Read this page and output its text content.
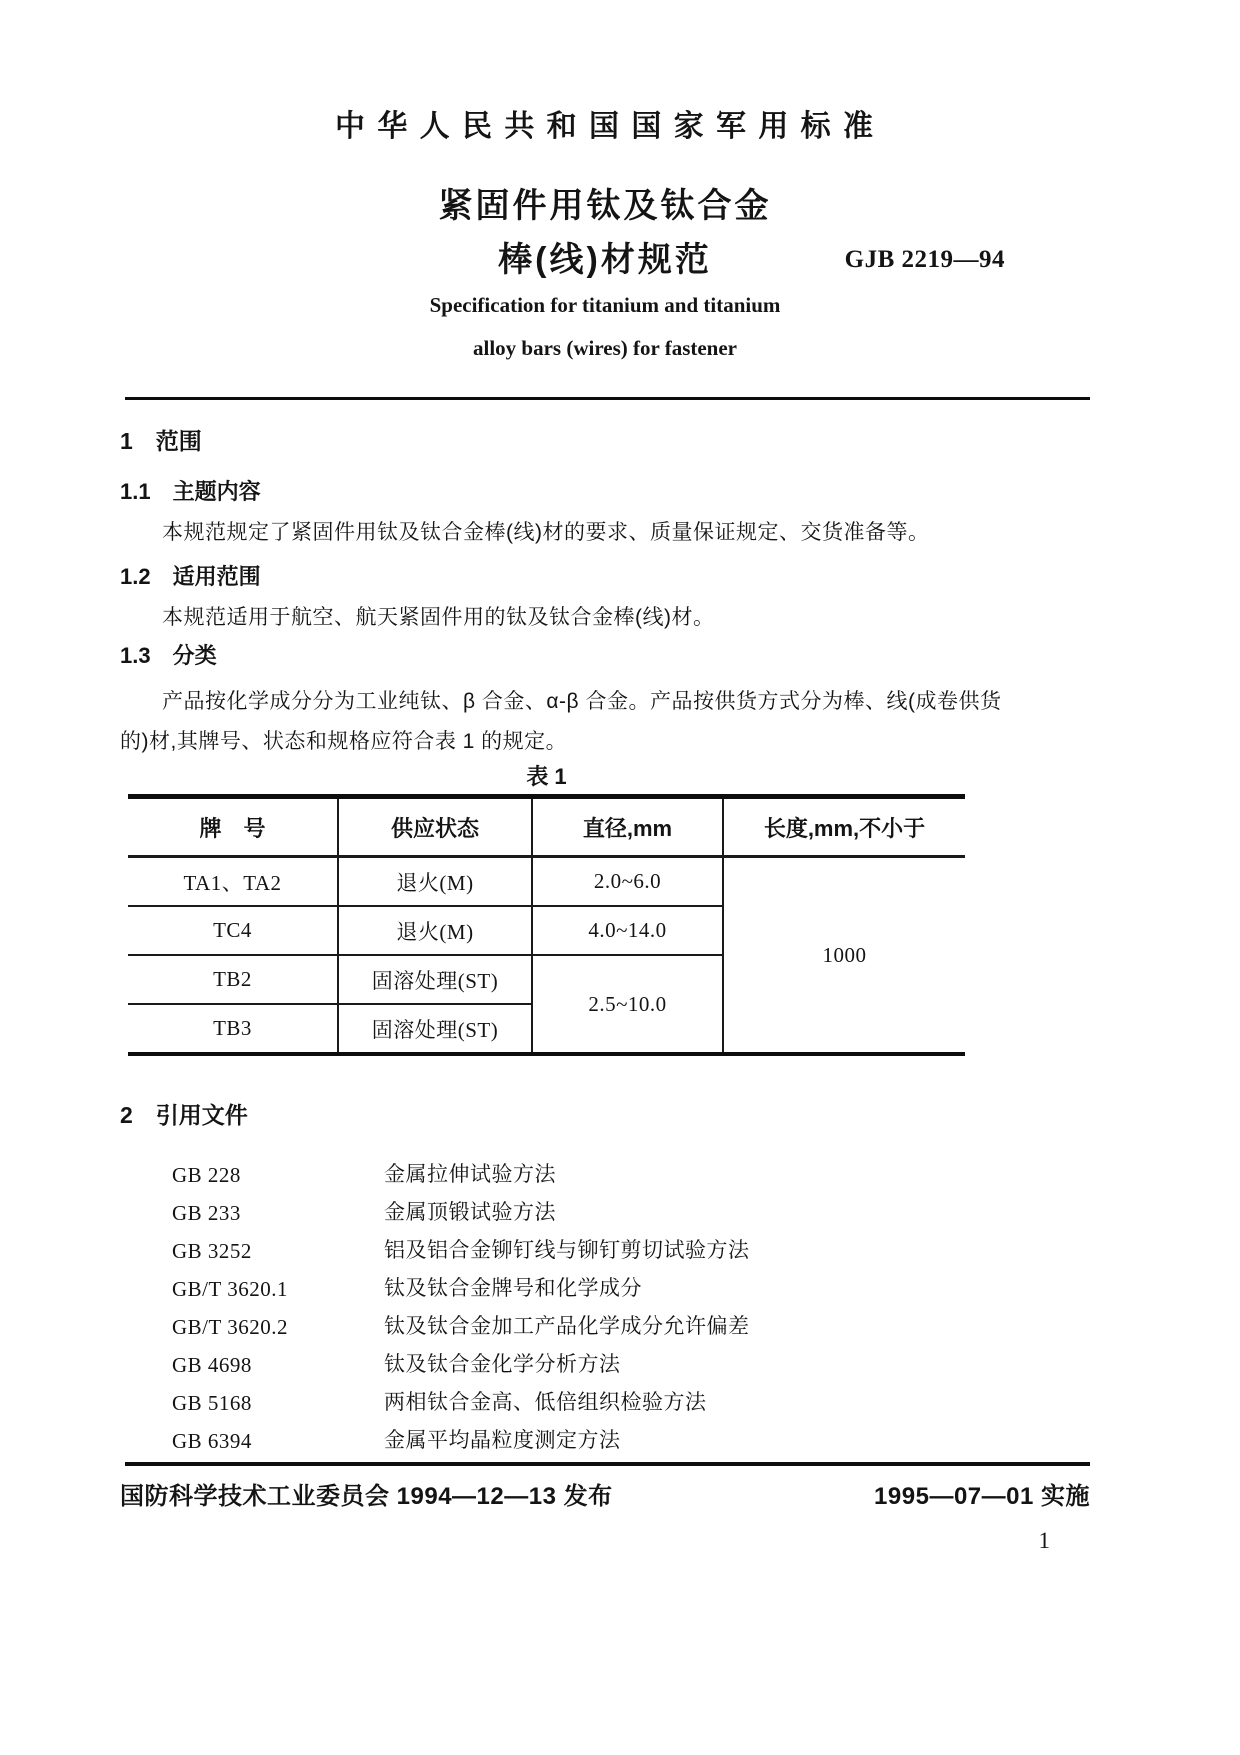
中 华 人 民 共 和 国 国 家 军 用 标 准
紧固件用钛及钛合金
棒(线)材规范	GJB 2219—94
Specification for titanium and titanium
alloy bars (wires) for fastener
1　范围
1.1　主题内容

本规范规定了紧固件用钛及钛合金棒(线)材的要求、质量保证规定、交货准备等。

1.2　适用范围

本规范适用于航空、航天紧固件用的钛及钛合金棒(线)材。

1.3　分类
产品按化学成分分为工业纯钛、β 合金、α-β 合金。产品按供货方式分为棒、线(成卷供货
的)材,其牌号、状态和规格应符合表 1 的规定。
表 1
牌　号	供应状态	直径,mm	长度,mm,不小于
TA1、TA2	退火(M)	2.0~6.0	1000
TC4	退火(M)	4.0~14.0	
TB2	固溶处理(ST)	2.5~10.0	
TB3	固溶处理(ST)		
2　引用文件
GB 228	金属拉伸试验方法
GB 233	金属顶锻试验方法
GB 3252	铝及铝合金铆钉线与铆钉剪切试验方法
GB/T 3620.1	钛及钛合金牌号和化学成分
GB/T 3620.2	钛及钛合金加工产品化学成分允许偏差
GB 4698	钛及钛合金化学分析方法
GB 5168	两相钛合金高、低倍组织检验方法
GB 6394	金属平均晶粒度测定方法
国防科学技术工业委员会 1994—12—13 发布	1995—07—01 实施
1
